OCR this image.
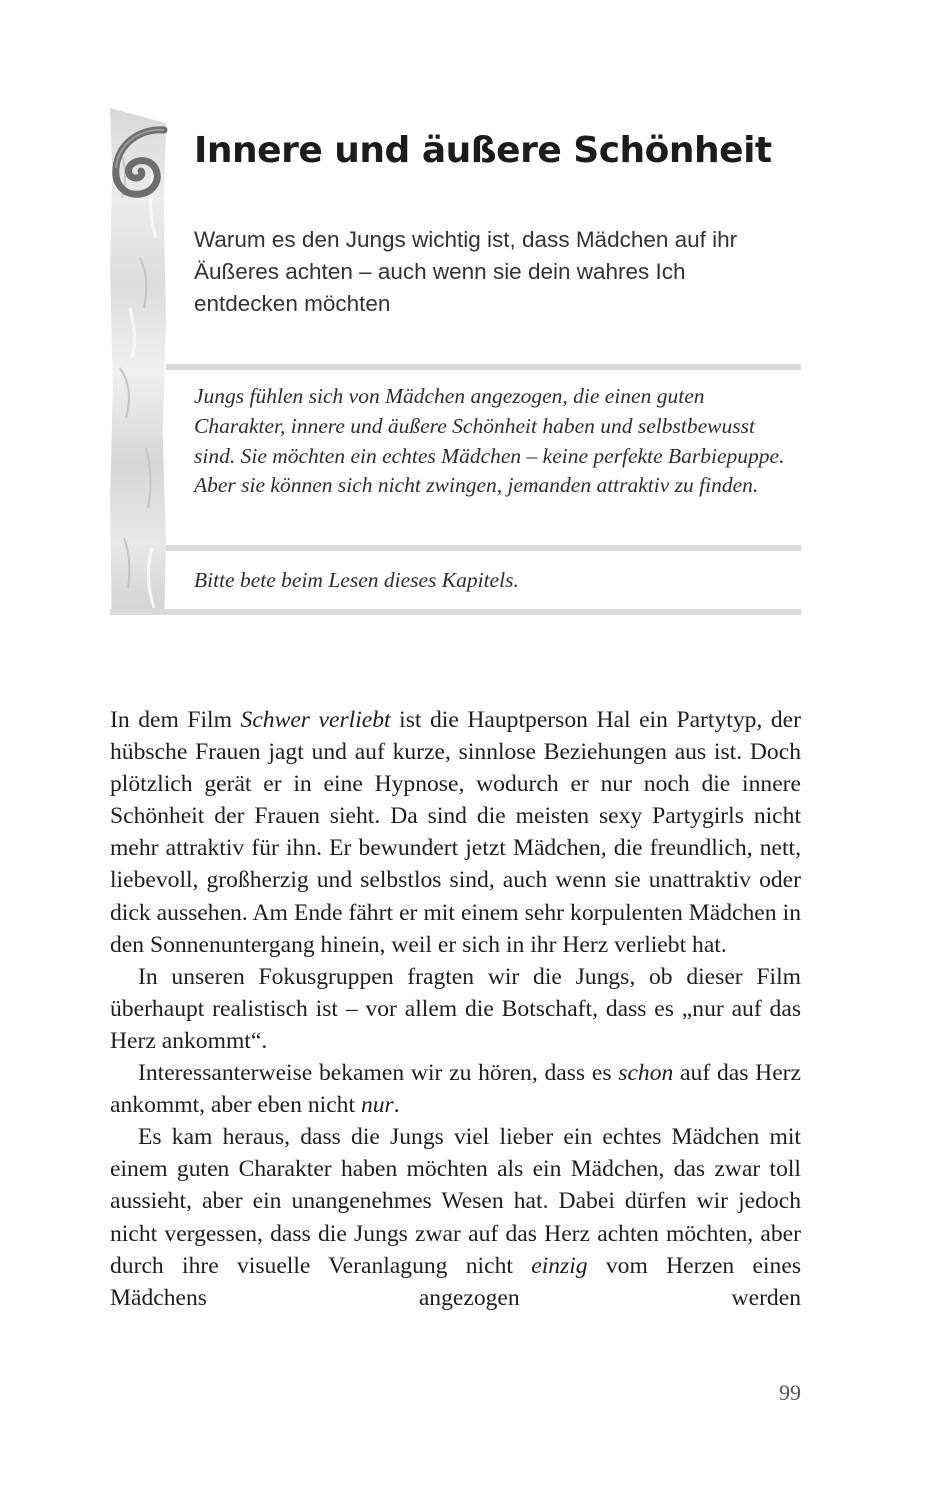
Innere und äußere Schönheit

Warum es den Jungs wichtig ist, dass Mädchen auf ihr Äußeres achten – auch wenn sie dein wahres Ich entdecken möchten

Jungs fühlen sich von Mädchen angezogen, die einen guten Charakter, innere und äußere Schönheit haben und selbstbewusst sind. Sie möchten ein echtes Mädchen – keine perfekte Barbiepuppe. Aber sie können sich nicht zwingen, jemanden attraktiv zu finden.

Bitte bete beim Lesen dieses Kapitels.

In dem Film Schwer verliebt ist die Hauptperson Hal ein Partytyp, der hübsche Frauen jagt und auf kurze, sinnlose Beziehungen aus ist. Doch plötzlich gerät er in eine Hypnose, wodurch er nur noch die innere Schönheit der Frauen sieht. Da sind die meisten sexy Partygirls nicht mehr attraktiv für ihn. Er bewundert jetzt Mädchen, die freundlich, nett, liebevoll, großherzig und selbstlos sind, auch wenn sie unattraktiv oder dick aussehen. Am Ende fährt er mit einem sehr korpulenten Mädchen in den Sonnenuntergang hinein, weil er sich in ihr Herz verliebt hat.

In unseren Fokusgruppen fragten wir die Jungs, ob dieser Film überhaupt realistisch ist – vor allem die Botschaft, dass es „nur auf das Herz ankommt“.

Interessanterweise bekamen wir zu hören, dass es schon auf das Herz ankommt, aber eben nicht nur.

Es kam heraus, dass die Jungs viel lieber ein echtes Mädchen mit einem guten Charakter haben möchten als ein Mädchen, das zwar toll aussieht, aber ein unangenehmes Wesen hat. Dabei dürfen wir jedoch nicht vergessen, dass die Jungs zwar auf das Herz achten möchten, aber durch ihre visuelle Veranlagung nicht einzig vom Herzen eines Mädchens angezogen werden

99
